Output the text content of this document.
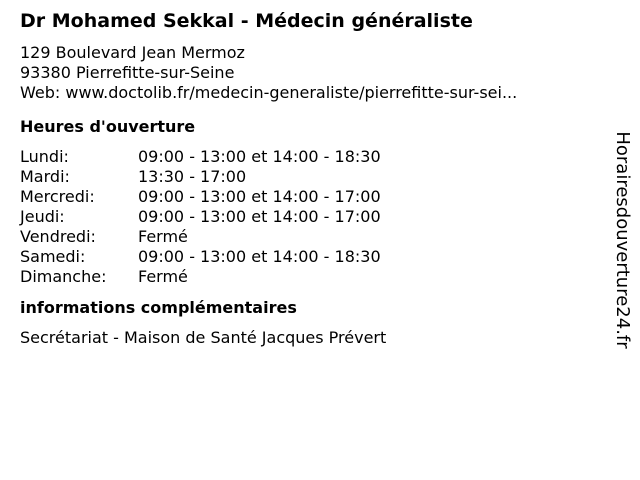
Dr Mohamed Sekkal - Médecin généraliste
129 Boulevard Jean Mermoz
93380 Pierrefitte-sur-Seine
Web: www.doctolib.fr/medecin-generaliste/pierrefitte-sur-sei...
Heures d'ouverture
Lundi:	09:00 - 13:00 et 14:00 - 18:30
Mardi:	13:30 - 17:00
Mercredi:	09:00 - 13:00 et 14:00 - 17:00
Jeudi:	09:00 - 13:00 et 14:00 - 17:00
Vendredi:	Fermé
Samedi:	09:00 - 13:00 et 14:00 - 18:30
Dimanche:	Fermé
informations complémentaires
Secrétariat - Maison de Santé Jacques Prévert	Horairesdouverture24.fr
